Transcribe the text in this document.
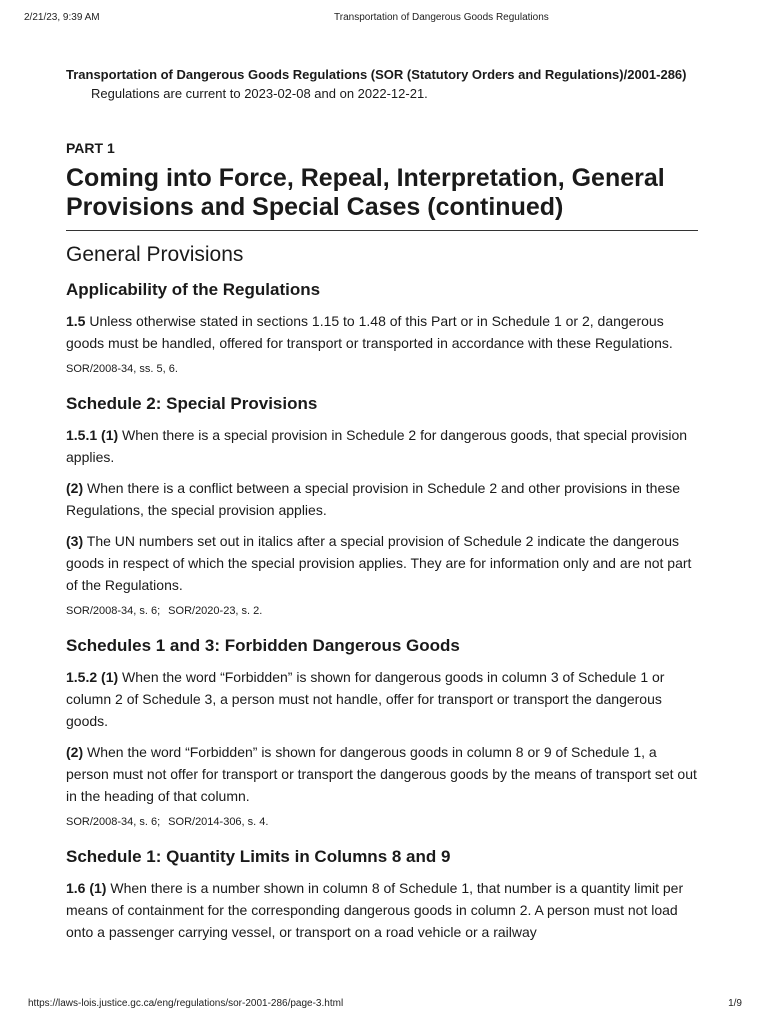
2/21/23, 9:39 AM	Transportation of Dangerous Goods Regulations
Transportation of Dangerous Goods Regulations (SOR (Statutory Orders and Regulations)/2001-286)
Regulations are current to 2023-02-08 and on 2022-12-21.
PART 1
Coming into Force, Repeal, Interpretation, General Provisions and Special Cases (continued)
General Provisions
Applicability of the Regulations

1.5 Unless otherwise stated in sections 1.15 to 1.48 of this Part or in Schedule 1 or 2, dangerous goods must be handled, offered for transport or transported in accordance with these Regulations.

SOR/2008-34, ss. 5, 6.
Schedule 2: Special Provisions

1.5.1 (1) When there is a special provision in Schedule 2 for dangerous goods, that special provision applies.

(2) When there is a conflict between a special provision in Schedule 2 and other provisions in these Regulations, the special provision applies.

(3) The UN numbers set out in italics after a special provision of Schedule 2 indicate the dangerous goods in respect of which the special provision applies. They are for information only and are not part of the Regulations.

SOR/2008-34, s. 6; SOR/2020-23, s. 2.
Schedules 1 and 3: Forbidden Dangerous Goods

1.5.2 (1) When the word “Forbidden” is shown for dangerous goods in column 3 of Schedule 1 or column 2 of Schedule 3, a person must not handle, offer for transport or transport the dangerous goods.

(2) When the word “Forbidden” is shown for dangerous goods in column 8 or 9 of Schedule 1, a person must not offer for transport or transport the dangerous goods by the means of transport set out in the heading of that column.

SOR/2008-34, s. 6; SOR/2014-306, s. 4.
Schedule 1: Quantity Limits in Columns 8 and 9

1.6 (1) When there is a number shown in column 8 of Schedule 1, that number is a quantity limit per means of containment for the corresponding dangerous goods in column 2. A person must not load onto a passenger carrying vessel, or transport on a road vehicle or a railway

https://laws-lois.justice.gc.ca/eng/regulations/sor-2001-286/page-3.html	1/9
